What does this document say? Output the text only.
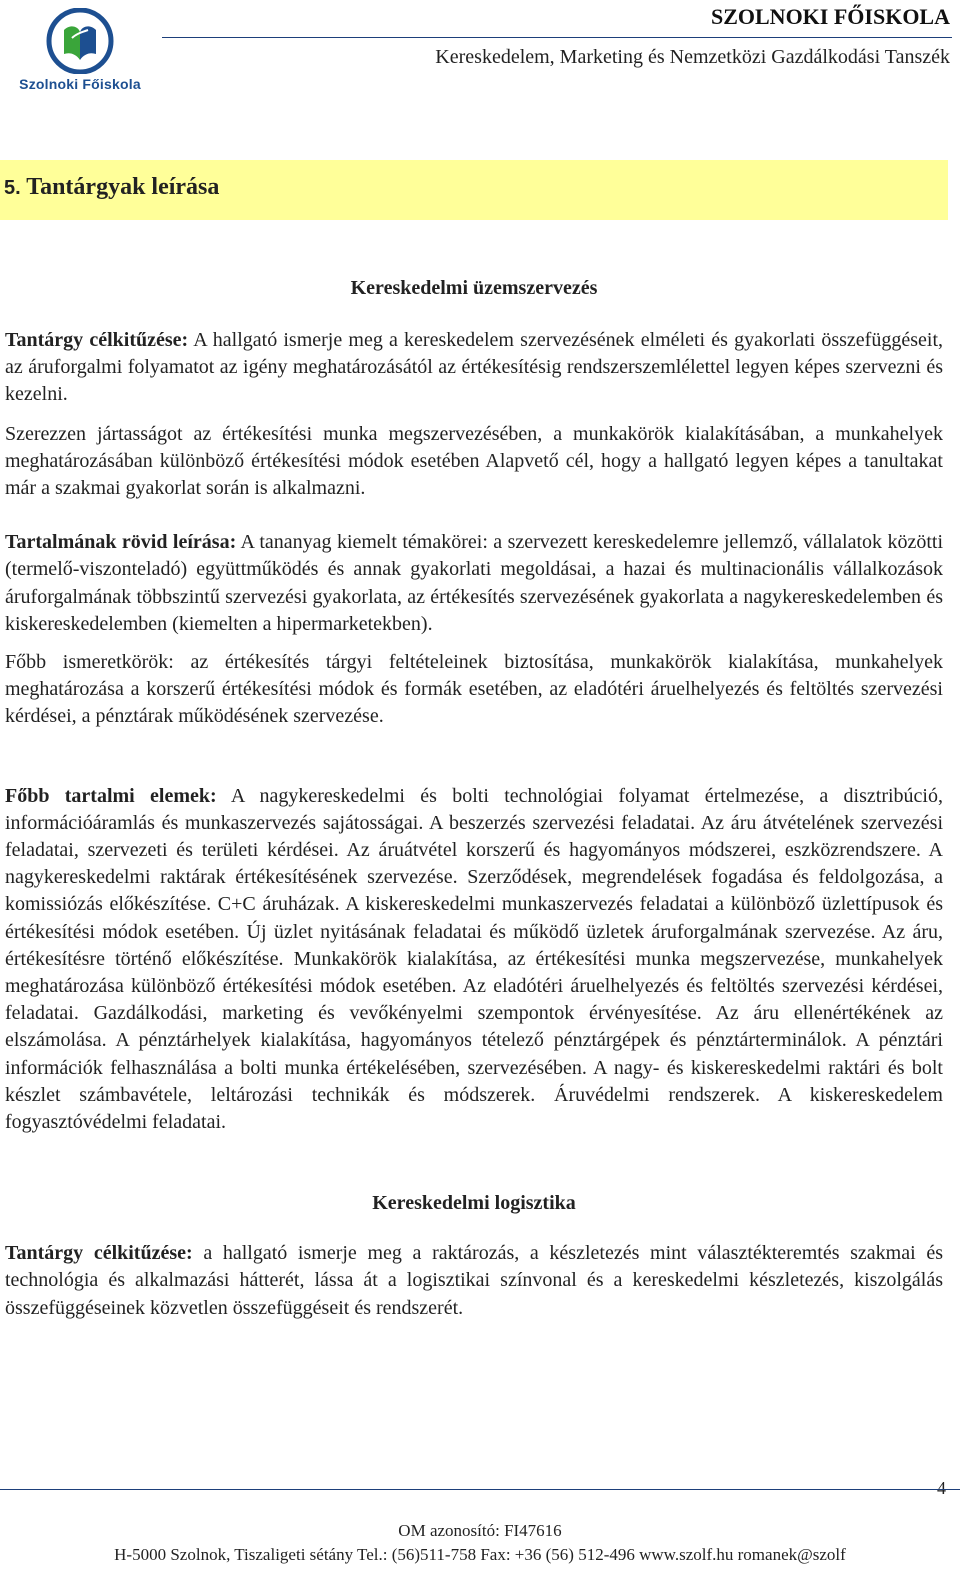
Szolnoki Főiskola
SZOLNOKI FŐISKOLA
Kereskedelem, Marketing és Nemzetközi Gazdálkodási Tanszék
5. Tantárgyak leírása
Kereskedelmi üzemszervezés

Tantárgy célkitűzése: A hallgató ismerje meg a kereskedelem szervezésének elméleti és gyakorlati összefüggéseit, az áruforgalmi folyamatot az igény meghatározásától az értékesítésig rendszerszemlélettel legyen képes szervezni és kezelni.

Szerezzen jártasságot az értékesítési munka megszervezésében, a munkakörök kialakításában, a munkahelyek meghatározásában különböző értékesítési módok esetében Alapvető cél, hogy a hallgató legyen képes a tanultakat már a szakmai gyakorlat során is alkalmazni.

Tartalmának rövid leírása: A tananyag kiemelt témakörei: a szervezett kereskedelemre jellemző, vállalatok közötti (termelő-viszonteladó) együttműködés és annak gyakorlati megoldásai, a hazai és multinacionális vállalkozások áruforgalmának többszintű szervezési gyakorlata, az értékesítés szervezésének gyakorlata a nagykereskedelemben és kiskereskedelemben (kiemelten a hipermarketekben).

Főbb ismeretkörök: az értékesítés tárgyi feltételeinek biztosítása, munkakörök kialakítása, munkahelyek meghatározása a korszerű értékesítési módok és formák esetében, az eladótéri áruelhelyezés és feltöltés szervezési kérdései, a pénztárak működésének szervezése.

Főbb tartalmi elemek: A nagykereskedelmi és bolti technológiai folyamat értelmezése, a disztribúció, információáramlás és munkaszervezés sajátosságai. A beszerzés szervezési feladatai. Az áru átvételének szervezési feladatai, szervezeti és területi kérdései. Az áruátvétel korszerű és hagyományos módszerei, eszközrendszere. A nagykereskedelmi raktárak értékesítésének szervezése. Szerződések, megrendelések fogadása és feldolgozása, a komissiózás előkészítése. C+C áruházak. A kiskereskedelmi munkaszervezés feladatai a különböző üzlettípusok és értékesítési módok esetében. Új üzlet nyitásának feladatai és működő üzletek áruforgalmának szervezése. Az áru, értékesítésre történő előkészítése. Munkakörök kialakítása, az értékesítési munka megszervezése, munkahelyek meghatározása különböző értékesítési módok esetében. Az eladótéri áruelhelyezés és feltöltés szervezési kérdései, feladatai. Gazdálkodási, marketing és vevőkényelmi szempontok érvényesítése. Az áru ellenértékének az elszámolása. A pénztárhelyek kialakítása, hagyományos tételező pénztárgépek és pénztárterminálok. A pénztári információk felhasználása a bolti munka értékelésében, szervezésében. A nagy- és kiskereskedelmi raktári és bolt készlet számbavétele, leltározási technikák és módszerek. Áruvédelmi rendszerek. A kiskereskedelem fogyasztóvédelmi feladatai.

Kereskedelmi logisztika

Tantárgy célkitűzése: a hallgató ismerje meg a raktározás, a készletezés mint választékteremtés szakmai és technológia és alkalmazási hátterét, lássa át a logisztikai színvonal és a kereskedelmi készletezés, kiszolgálás összefüggéseinek közvetlen összefüggéseit és rendszerét.

4
OM azonosító: FI47616
H-5000 Szolnok, Tiszaligeti sétány Tel.: (56)511-758 Fax: +36 (56) 512-496 www.szolf.hu romanek@szolf
